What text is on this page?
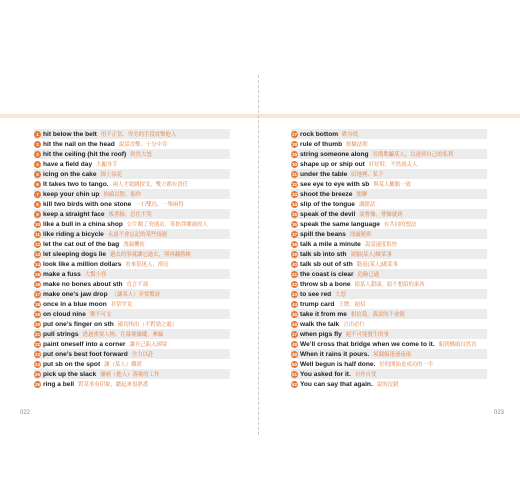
1 hit below the belt 用不正當、卑劣的手段攻擊他人
2 hit the nail on the head 說話直擊、十分中肯
3 hit the ceiling (hit the roof) 勃然大怒
4 have a field day 大顯身手
5 icing on the cake 錦上添花
6 It takes two to tango. 兩人才能跳探戈，雙方都有責任
7 keep your chin up 抬頭以對，振作
8 kill two birds with one stone 一石雙鳥、一舉兩得
9 keep a straight face 板著臉、忍住不笑
10 like a bull in a china shop 公牛闖了瓷器店，笨拙莽闖禍的人
11 like riding a bicycle 永遠不會忘記的某些技能
12 let the cat out of the bag 洩漏機密
13 let sleeping dogs lie 過去的事就讓它過去，別再翻舊帳
14 look like a million dollars 看來很迷人、漂亮
15 make a fuss 大驚小怪
16 make no bones about sth 直言不諱
17 make one’s jaw drop （讓某人）非常驚訝
18 once in a blue moon 非常罕見
19 on cloud nine 樂不可支
20 put one’s finger on sth 確切指出（不對勁之處）
21 pull strings 透過重要人物、在幕後操縱，牽線
22 paint oneself into a corner 讓自己陷入困境
23 put one’s best foot forward 全力以赴
24 put sb on the spot 讓（某人）難堪
25 pick up the slack 彌補（他人）落後的工作
26 ring a bell 對某事有印象，聽起來很熟悉
27 rock bottom 跌谷底
28 rule of thumb 經驗法則
29 string someone along 長期欺騙某人，以達到自己的私利
30 shape up or ship out 好好幹，不然就走人
31 under the table 暗地裡、私下
32 see eye to eye with sb 與某人觀點一致
33 shoot the breeze 閒聊
34 slip of the tongue 講錯話
35 speak of the devil 說曹操，曹操就到
36 speak the same language 有共同的想法
37 spill the beans 洩露秘密
38 talk a mile a minute 說話速度很快
39 talk sb into sth 說服(某人)做某事
40 talk sb out of sth 勸退(某人)做某事
41 the coast is clear 危險已過
42 throw sb a bone 給某人甜頭，給不想給的東西
43 to see red 大怒
44 trump card 王牌、絕招
45 take it from me 相信我，我說的不會錯
46 walk the talk 言出必行
47 when pigs fly 絕不可能發生的事
48 We’ll cross that bridge when we come to it. 船到橋頭自然直
49 When it rains it pours. 屋漏偏逢連夜雨
50 Well begun is half done. 好的開始是成功的一半
51 You asked for it. 自作自受
52 You can say that again. 說的沒錯
022	023
